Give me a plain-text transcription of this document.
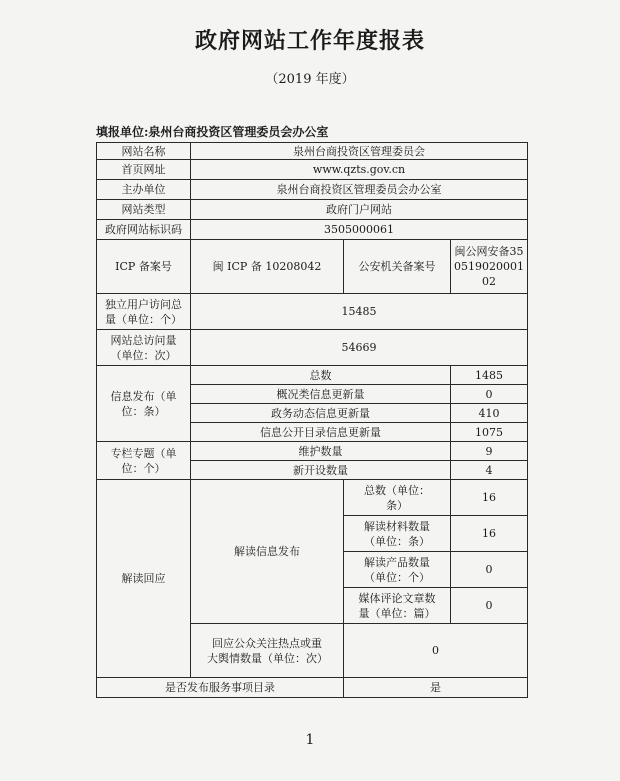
政府网站工作年度报表
（2019 年度）
填报单位:泉州台商投资区管理委员会办公室
网站名称	泉州台商投资区管理委员会		
首页网址	www.qzts.gov.cn		
主办单位	泉州台商投资区管理委员会办公室		
网站类型	政府门户网站		
政府网站标识码	3505000061		
ICP 备案号	闽 ICP 备 10208042	公安机关备案号	闽公网安备35051902000102
独立用户访问总量（单位：个）	15485		
网站总访问量（单位：次）	54669		
信息发布（单位：条）	总数		1485
	概况类信息更新量		0
	政务动态信息更新量		410
	信息公开目录信息更新量		1075
专栏专题（单位：个）	维护数量		9
	新开设数量		4
解读回应	解读信息发布	总数（单位：条）	16
		解读材料数量（单位：条）	16
		解读产品数量（单位：个）	0
		媒体评论文章数量（单位：篇）	0
	回应公众关注热点或重大舆情数量（单位：次）	0	
是否发布服务事项目录		是	
1
